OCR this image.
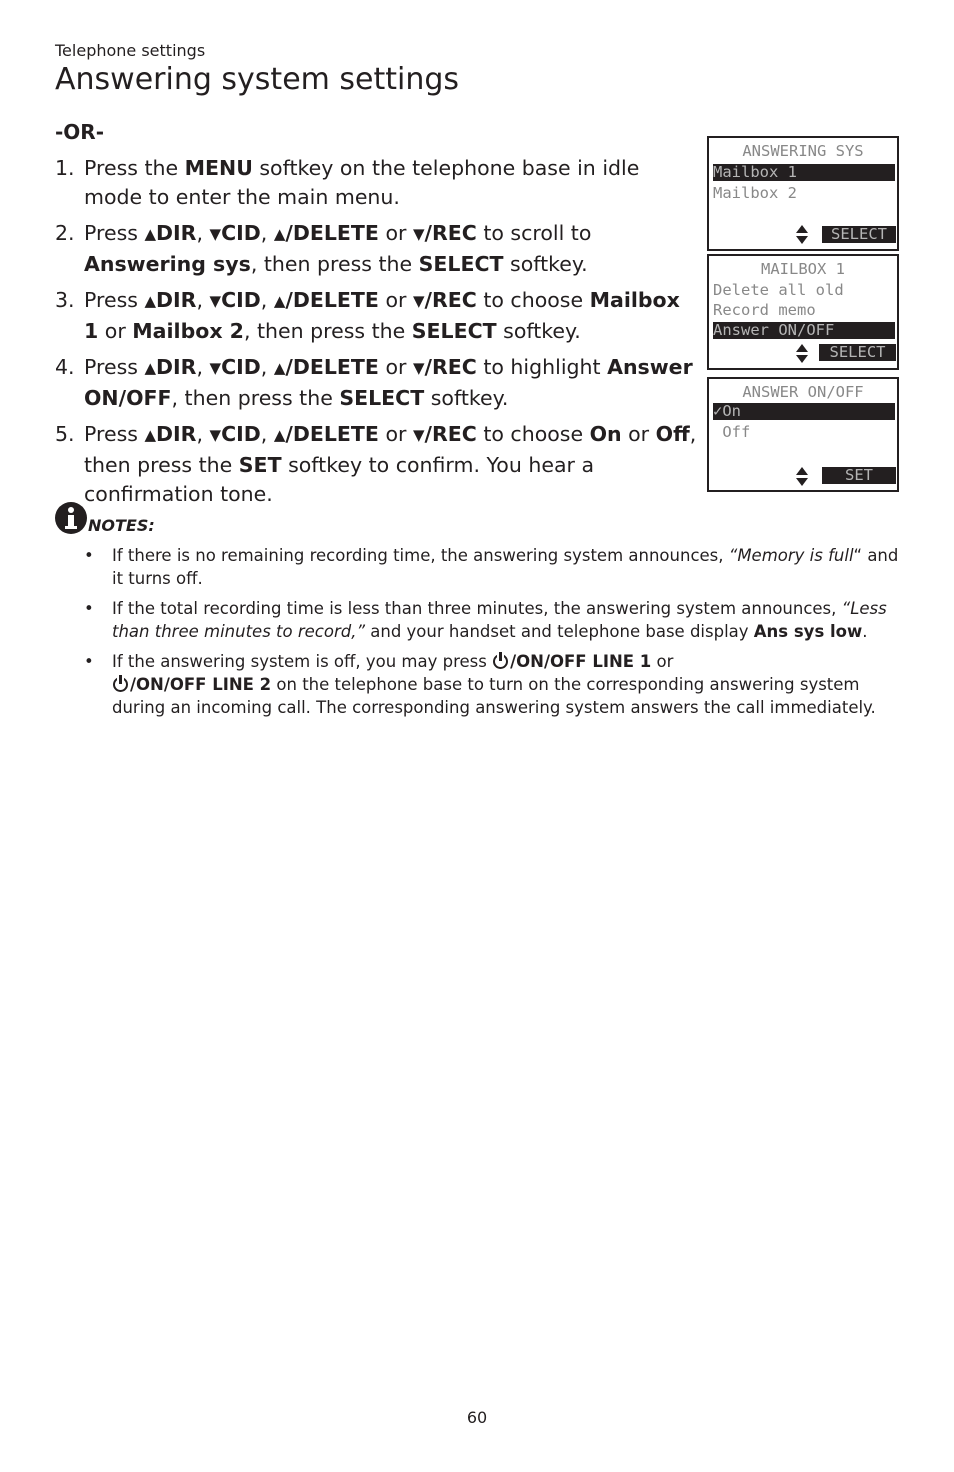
Telephone settings
Answering system settings
-OR-
1. Press the MENU softkey on the telephone base in idle mode to enter the main menu.
2. Press ▲DIR, ▼CID, ▲/DELETE or ▼/REC to scroll to Answering sys, then press the SELECT softkey.
3. Press ▲DIR, ▼CID, ▲/DELETE or ▼/REC to choose Mailbox 1 or Mailbox 2, then press the SELECT softkey.
4. Press ▲DIR, ▼CID, ▲/DELETE or ▼/REC to highlight Answer ON/OFF, then press the SELECT softkey.
5. Press ▲DIR, ▼CID, ▲/DELETE or ▼/REC to choose On or Off, then press the SET softkey to confirm. You hear a confirmation tone.
ANSWERING SYS
Mailbox 1
Mailbox 2
SELECT
MAILBOX 1
Delete all old
Record memo
Answer ON/OFF
SELECT
ANSWER ON/OFF
✓On
Off
SET
NOTES:
• If there is no remaining recording time, the answering system announces, “Memory is full“ and it turns off.
• If the total recording time is less than three minutes, the answering system announces, “Less than three minutes to record,” and your handset and telephone base display Ans sys low.
• If the answering system is off, you may press
/ON/OFF LINE 1 or

/ON/OFF LINE 2 on the telephone base to turn on the corresponding answering system during an incoming call. The corresponding answering system answers the call immediately.
60
